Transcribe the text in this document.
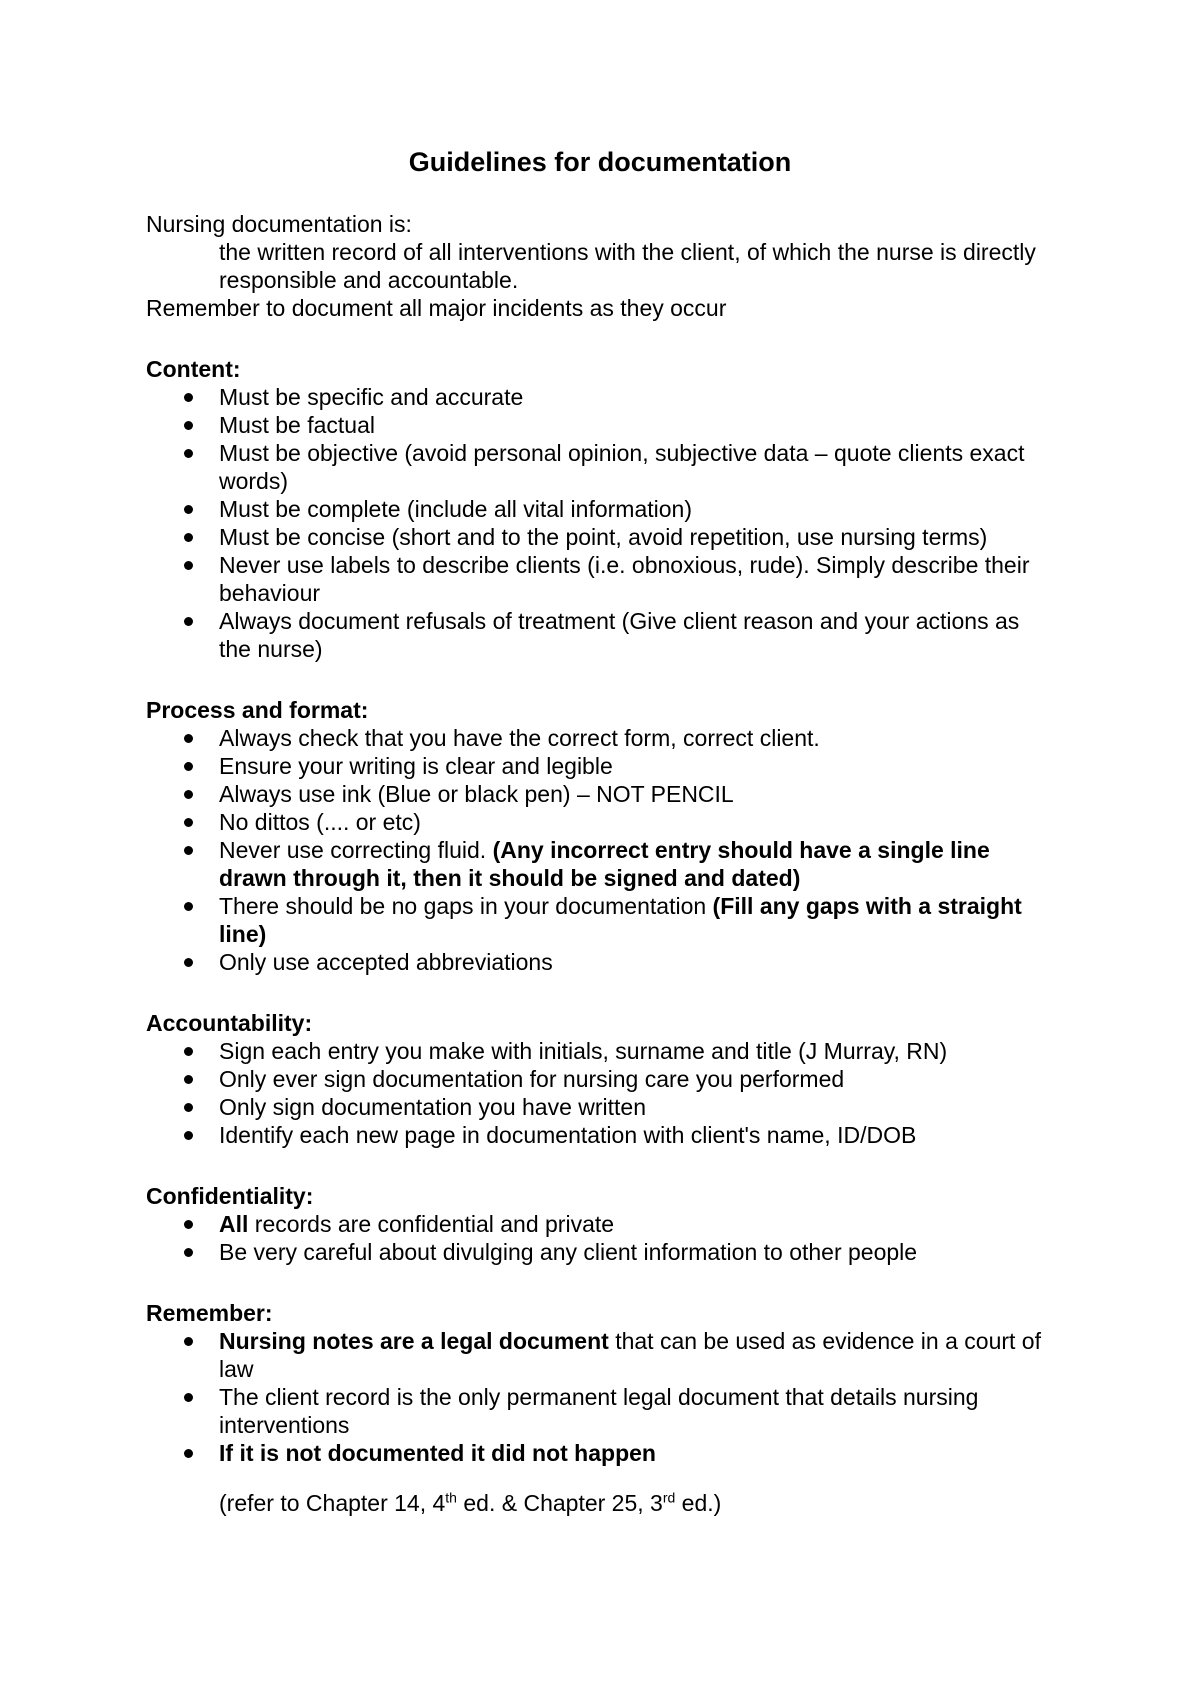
Guidelines for documentation

Nursing documentation is:

the written record of all interventions with the client, of which the nurse is directly responsible and accountable.

Remember to document all major incidents as they occur

Content:

Must be specific and accurate
Must be factual
Must be objective (avoid personal opinion, subjective data – quote clients exact words)
Must be complete (include all vital information)
Must be concise (short and to the point, avoid repetition, use nursing terms)
Never use labels to describe clients (i.e. obnoxious, rude). Simply describe their behaviour
Always document refusals of treatment (Give client reason and your actions as the nurse)

Process and format:

Always check that you have the correct form, correct client.
Ensure your writing is clear and legible
Always use ink (Blue or black pen) – NOT PENCIL
No dittos (.... or etc)
Never use correcting fluid. (Any incorrect entry should have a single line drawn through it, then it should be signed and dated)
There should be no gaps in your documentation (Fill any gaps with a straight line)
Only use accepted abbreviations

Accountability:

Sign each entry you make with initials, surname and title (J Murray, RN)
Only ever sign documentation for nursing care you performed
Only sign documentation you have written
Identify each new page in documentation with client's name, ID/DOB

Confidentiality:

All records are confidential and private
Be very careful about divulging any client information to other people

Remember:

Nursing notes are a legal document that can be used as evidence in a court of law
The client record is the only permanent legal document that details nursing interventions
If it is not documented it did not happen

(refer to Chapter 14, 4th ed. & Chapter 25, 3rd ed.)
